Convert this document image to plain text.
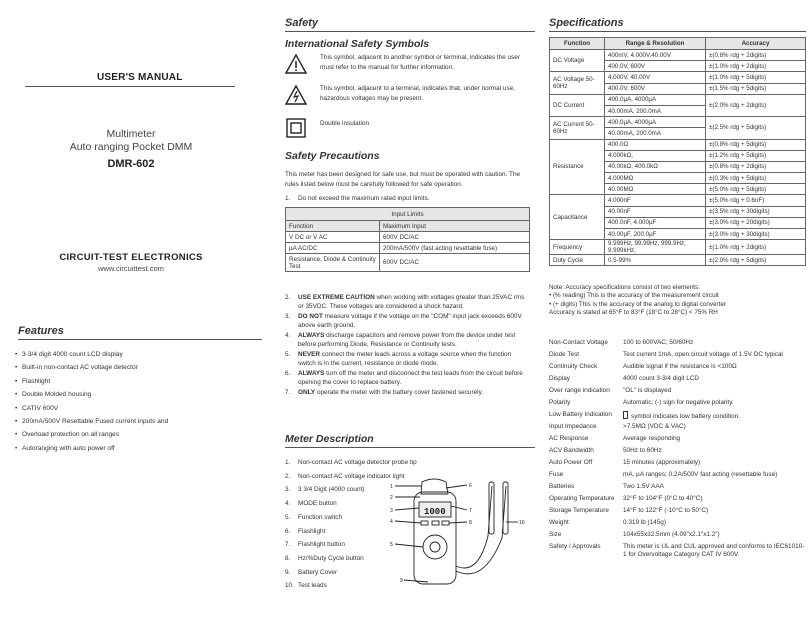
USER'S MANUAL
Multimeter
Auto ranging Pocket DMM
DMR-602
CIRCUIT-TEST ELECTRONICS
www.circuittest.com
Features
• 3-3/4 digit 4000 count LCD display
• Built-in non-contact AC voltage detector
• Flashlight
• Double Molded housing
• CATIV 600V
• 200mA/500V Resettable Fused current inputs and
• Overload protection on all ranges
• Autoranging with auto power off
Safety
International Safety Symbols
This symbol, adjacent to another symbol or terminal, indicates the user must refer to the manual for further information.
This symbol, adjacent to a terminal, indicates that, under normal use, hazardous voltages may be present.
Double insulation
Safety Precautions
This meter has been designed for safe use, but must be operated with caution. The rules listed below must be carefully followed for safe operation.
1. Do not exceed the maximum rated input limits.
Input Limits	
Function	Maximum Input
V DC or V AC	600V DC/AC
µA AC/DC	200mA/500V (fast acting resettable fuse)
Resistance, Diode & Continuity Test	600V DC/AC
2. USE EXTREME CAUTION when working with voltages greater than 25VAC rms or 35VDC. These voltages are considered a shock hazard.
3. DO NOT measure voltage if the voltage on the "COM" input jack exceeds 600V above earth ground.
4. ALWAYS discharge capacitors and remove power from the device under test before performing Diode, Resistance or Continuity tests.
5. NEVER connect the meter leads across a voltage source when the function switch is in the current, resistance or diode mode.
6. ALWAYS turn off the meter and disconnect the test leads from the circuit before opening the cover to replace battery.
7. ONLY operate the meter with the battery cover fastened securely.
Meter Description
1.	Non-contact AC voltage detector probe tip
2.	Non-contact AC voltage indicator light
3.	3 3/4 Digit (4000 count)
4.	MODE button
5.	Function switch
6.	Flashlight
7.	Flashlight button
8.	Hz/%Duty Cycle button
9.	Battery Cover
10. Test leads
1000
1
2
3
4
5
6
7
8
9
10
Specifications
Function	Range & Resolution	Accuracy
DC Voltage	400mV, 4.000V,40.00V	±(0.8% rdg + 2digits)
	400.0V, 600V	±(1.0% rdg + 2digits)
AC Voltage 50-60Hz	4.000V, 40.00V	±(1.0% rdg + 5digits)
	400.0V, 600V	±(1.5% rdg + 5digits)
DC Current	400.0µA, 4000µA	±(2.0% rdg + 2digits)
	40.00mA, 200.0mA	
AC Current 50-60Hz	400.0µA, 4000µA	±(2.5% rdg + 5digits)
	40.00mA, 200.0mA	
Resistance	400.0Ω	±(0.8% rdg + 5digits)
	4.000kΩ,	±(1.2% rdg + 5digits)
	40.00kΩ, 400.0kΩ	±(0.8% rdg + 2digits)
	4.000MΩ	±(0.3% rdg + 5digits)
	40.00MΩ	±(5.0% rdg + 5digits)
Capacitance	4.000nF	±(5.0% rdg + 0.6nF)
	40.00nF	±(3.5% rdg + 30digits)
	400.0nF, 4.000µF	±(3.0% rdg + 20digits)
	40.00µF, 200.0µF	±(3.0% rdg + 30digits)
Frequency	9.999Hz, 99.99Hz, 999.9Hz, 9.999kHz,	±(1.0% rdg + 2digits)
Duty Cycle	0.5-99%	±(2.0% rdg + 5digits)
Note: Accuracy specifications consist of two elements:
• (% reading) This is the accuracy of the measurement circuit
• (+ digits) This is the accuracy of the analog to digital converter
Accuracy is stated at 65°F to 83°F (18°C to 28°C) < 75% RH
Non-Contact Voltage	100 to 600VAC; 50/60Hz
Diode Test	Test current 1mA, open circuit voltage of 1.5V DC typical
Continuity Check	Audible signal if the resistance is <100Ω
Display	4000 count 3-3/4 digit LCD
Over range indication	"OL" is displayed
Polarity	Automatic; (-) sign for negative polarity.
Low Battery Indication	symbol indicates low battery condition.
Input Impedance	>7.5MΩ (VDC & VAC)
AC Response	Average responding
ACV Bandwidth	50Hz to 60Hz
Auto Power Off	15 minutes (approximately)
Fuse	mA, µA ranges; 0.2A/500V fast acting (resettable fuse)
Batteries	Two 1.5V AAA
Operating Temperature	32°F to 104°F (0°C to 40°C)
Storage Temperature	14°F to 122°F (-10°C to 50°C)
Weight	0.319 lb (145g)
Size	104x55x32.5mm (4.09"x2.1"x1.2")
Safety / Approvals	This meter is UL and CUL approved and conforms to IEC61010-1 for Overvoltage Category CAT IV 600V.
